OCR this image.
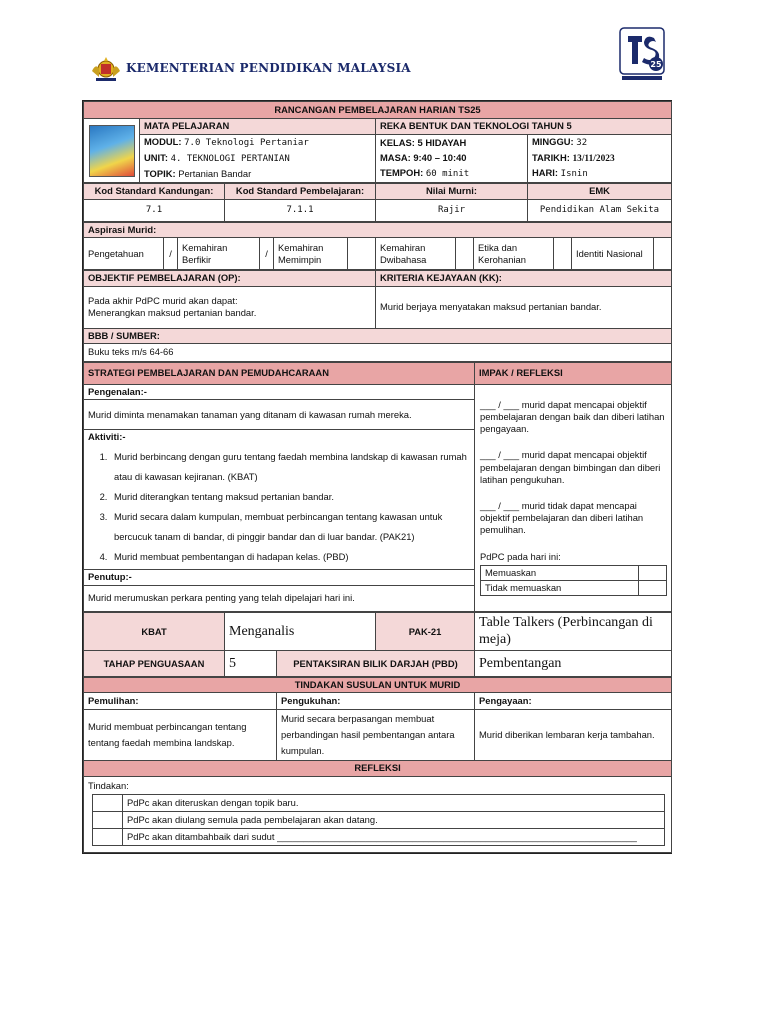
KEMENTERIAN PENDIDIKAN MALAYSIA	25
RANCANGAN PEMBELAJARAN HARIAN TS25			

	MATA PELAJARAN	REKA BENTUK DAN TEKNOLOGI TAHUN 5	
	MODUL: 7.0 Teknologi Pertaniar	KELAS: 5 HIDAYAH	MINGGU: 32
	UNIT: 4. TEKNOLOGI PERTANIAN	MASA: 9:40 – 10:40	TARIKH: 13/11/2023
	TOPIK: Pertanian Bandar	TEMPOH: 60 minit	HARI: Isnin
Kod Standard Kandungan:	Kod Standard Pembelajaran:	Nilai Murni:	EMK
7.1	7.1.1	Rajir	Pendidikan Alam Sekita
Aspirasi Murid:
Pengetahuan	/	Kemahiran Berfikir	/	Kemahiran Memimpin		Kemahiran Dwibahasa		Etika dan Kerohanian		Identiti Nasional	
OBJEKTIF PEMBELAJARAN (OP):	KRITERIA KEJAYAAN (KK):

Pada akhir PdPC murid akan dapat:
Menerangkan maksud pertanian bandar.	Murid berjaya menyatakan maksud pertanian bandar.
BBB / SUMBER:	
Buku teks m/s 64-66	
STRATEGI PEMBELAJARAN DAN PEMUDAHCARAAN	IMPAK / REFLEKSI

Pengenalan:-
Murid diminta menamakan tanaman yang ditanam di kawasan rumah mereka.
Aktiviti:-

1. Murid berbincang dengan guru tentang faedah membina landskap di kawasan rumah atau di kawasan kejiranan. (KBAT)
2. Murid diterangkan tentang maksud pertanian bandar.
3. Murid secara dalam kumpulan, membuat perbincangan tentang kawasan untuk bercucuk tanam di bandar, di pinggir bandar dan di luar bandar. (PAK21)
4. Murid membuat pembentangan di hadapan kelas. (PBD)

Penutup:-
Murid merumuskan perkara penting yang telah dipelajari hari ini.

___ / ___ murid dapat mencapai objektif pembelajaran dengan baik dan diberi latihan pengayaan.

___ / ___ murid dapat mencapai objektif pembelajaran dengan bimbingan dan diberi latihan pengukuhan.

___ / ___ murid tidak dapat mencapai objektif pembelajaran dan diberi latihan pemulihan.

PdPC pada hari ini:

Memuaskan	
Tidak memuaskan	
KBAT	Menganalis		PAK-21	Table Talkers (Perbincangan di meja)
TAHAP PENGUASAAN	5	PENTAKSIRAN BILIK DARJAH (PBD)		Pembentangan
TINDAKAN SUSULAN UNTUK MURID
Pemulihan:	Pengukuhan:	Pengayaan:
Murid membuat perbincangan tentang tentang faedah membina landskap.	Murid secara berpasangan membuat perbandingan hasil pembentangan antara kumpulan.	Murid diberikan lembaran kerja tambahan.
REFLEKSI

Tindakan:
	PdPc akan diteruskan dengan topik baru.
	PdPc akan diulang semula pada pembelajaran akan datang.
	PdPc akan ditambahbaik dari sudut _____________________________________________________________________
